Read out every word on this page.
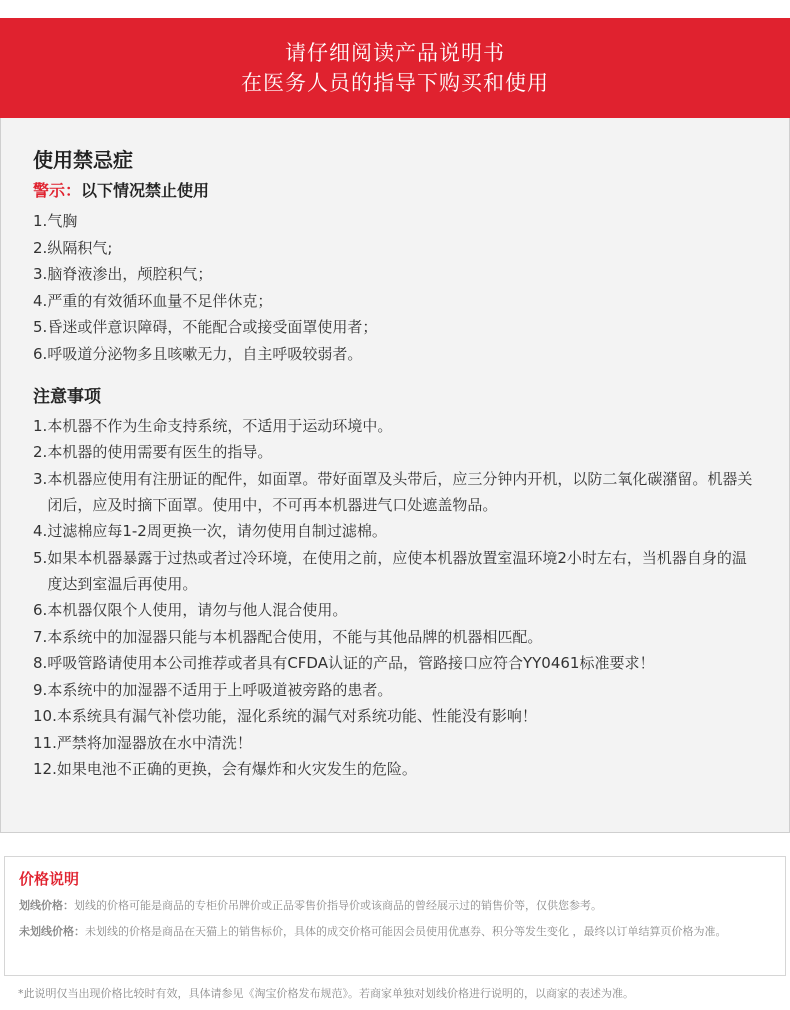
请仔细阅读产品说明书
在医务人员的指导下购买和使用
使用禁忌症
警示：以下情况禁止使用
1. 气胸
2. 纵隔积气;
3. 脑脊液渗出，颅腔积气；
4. 严重的有效循环血量不足伴休克；
5. 昏迷或伴意识障碍，不能配合或接受面罩使用者；
6. 呼吸道分泌物多且咳嗽无力，自主呼吸较弱者。
注意事项
1. 本机器不作为生命支持系统，不适用于运动环境中。
2. 本机器的使用需要有医生的指导。
3. 本机器应使用有注册证的配件，如面罩。带好面罩及头带后，应三分钟内开机，以防二氧化碳潴留。机器关闭后，应及时摘下面罩。使用中，不可再本机器进气口处遮盖物品。
4. 过滤棉应每1-2周更换一次，请勿使用自制过滤棉。
5. 如果本机器暴露于过热或者过冷环境，在使用之前，应使本机器放置室温环境2小时左右，当机器自身的温度达到室温后再使用。
6. 本机器仅限个人使用，请勿与他人混合使用。
7. 本系统中的加湿器只能与本机器配合使用，不能与其他品牌的机器相匹配。
8. 呼吸管路请使用本公司推荐或者具有CFDA认证的产品，管路接口应符合YY0461标准要求！
9. 本系统中的加湿器不适用于上呼吸道被旁路的患者。
10. 本系统具有漏气补偿功能，湿化系统的漏气对系统功能、性能没有影响！
11. 严禁将加湿器放在水中清洗！
12. 如果电池不正确的更换，会有爆炸和火灾发生的危险。
价格说明
划线价格：划线的价格可能是商品的专柜价吊牌价或正品零售价指导价或该商品的曾经展示过的销售价等，仅供您参考。
未划线价格：未划线的价格是商品在天猫上的销售标价，具体的成交价格可能因会员使用优惠券、积分等发生变化 ，最终以订单结算页价格为准。
*此说明仅当出现价格比较时有效，具体请参见《淘宝价格发布规范》。若商家单独对划线价格进行说明的，以商家的表述为准。
